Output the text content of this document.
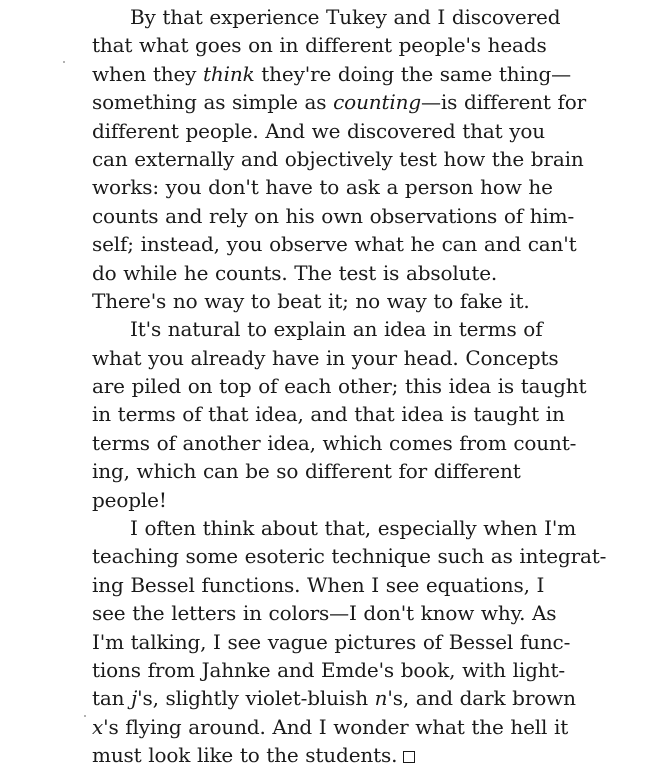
By that experience Tukey and I discovered
that what goes on in different people's heads
when they think they're doing the same thing—
something as simple as counting—is different for
different people. And we discovered that you
can externally and objectively test how the brain
works: you don't have to ask a person how he
counts and rely on his own observations of him-
self; instead, you observe what he can and can't
do while he counts. The test is absolute.
There's no way to beat it; no way to fake it.
It's natural to explain an idea in terms of
what you already have in your head. Concepts
are piled on top of each other; this idea is taught
in terms of that idea, and that idea is taught in
terms of another idea, which comes from count-
ing, which can be so different for different
people!
I often think about that, especially when I'm
teaching some esoteric technique such as integrat-
ing Bessel functions. When I see equations, I
see the letters in colors—I don't know why. As
I'm talking, I see vague pictures of Bessel func-
tions from Jahnke and Emde's book, with light-
tan j's, slightly violet-bluish n's, and dark brown
x's flying around. And I wonder what the hell it
must look like to the students.
